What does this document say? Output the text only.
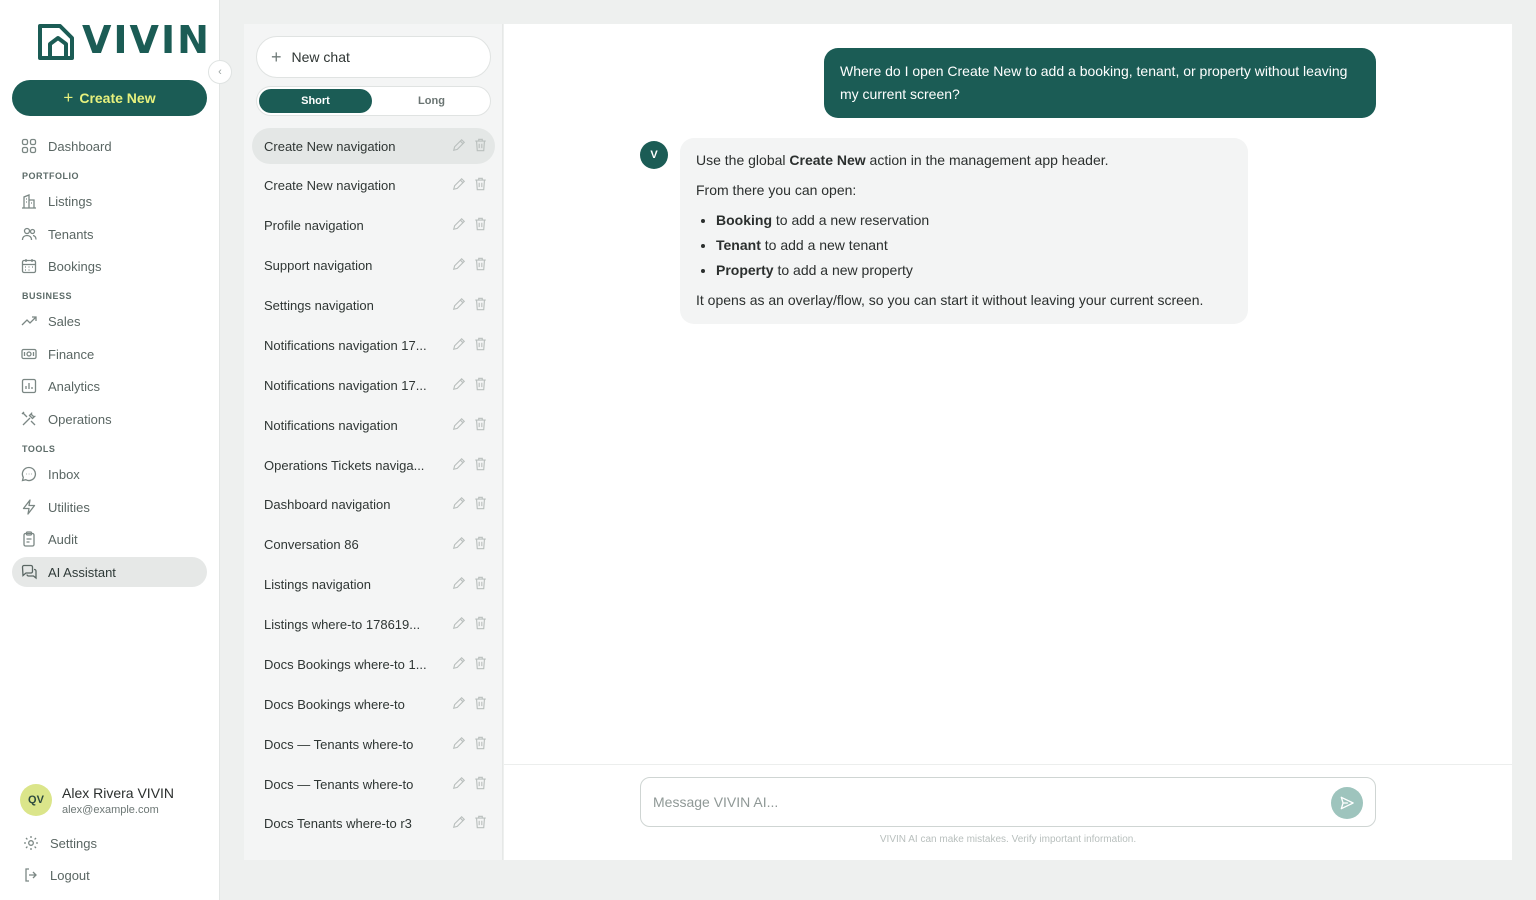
VIVIN
+ Create New
Dashboard
PORTFOLIO
Listings
Tenants
Bookings
BUSINESS
Sales
Finance
Analytics
Operations
TOOLS
Inbox
Utilities
Audit
AI Assistant
QV	Alex Rivera VIVIN
alex@example.com
Settings
Logout
‹
+ New chat
Short	Long
Create New navigation
Create New navigation
Profile navigation
Support navigation
Settings navigation
Notifications navigation 17...
Notifications navigation 17...
Notifications navigation
Operations Tickets naviga...
Dashboard navigation
Conversation 86
Listings navigation
Listings where-to 178619...
Docs Bookings where-to 1...
Docs Bookings where-to
Docs — Tenants where-to
Docs — Tenants where-to
Docs Tenants where-to r3
Where do I open Create New to add a booking, tenant, or property without leaving my current screen?
V	Use the global Create New action in the management app header.

From there you can open:

• Booking to add a new reservation
• Tenant to add a new tenant
• Property to add a new property

It opens as an overlay/flow, so you can start it without leaving your current screen.

Message VIVIN AI...
VIVIN AI can make mistakes. Verify important information.
